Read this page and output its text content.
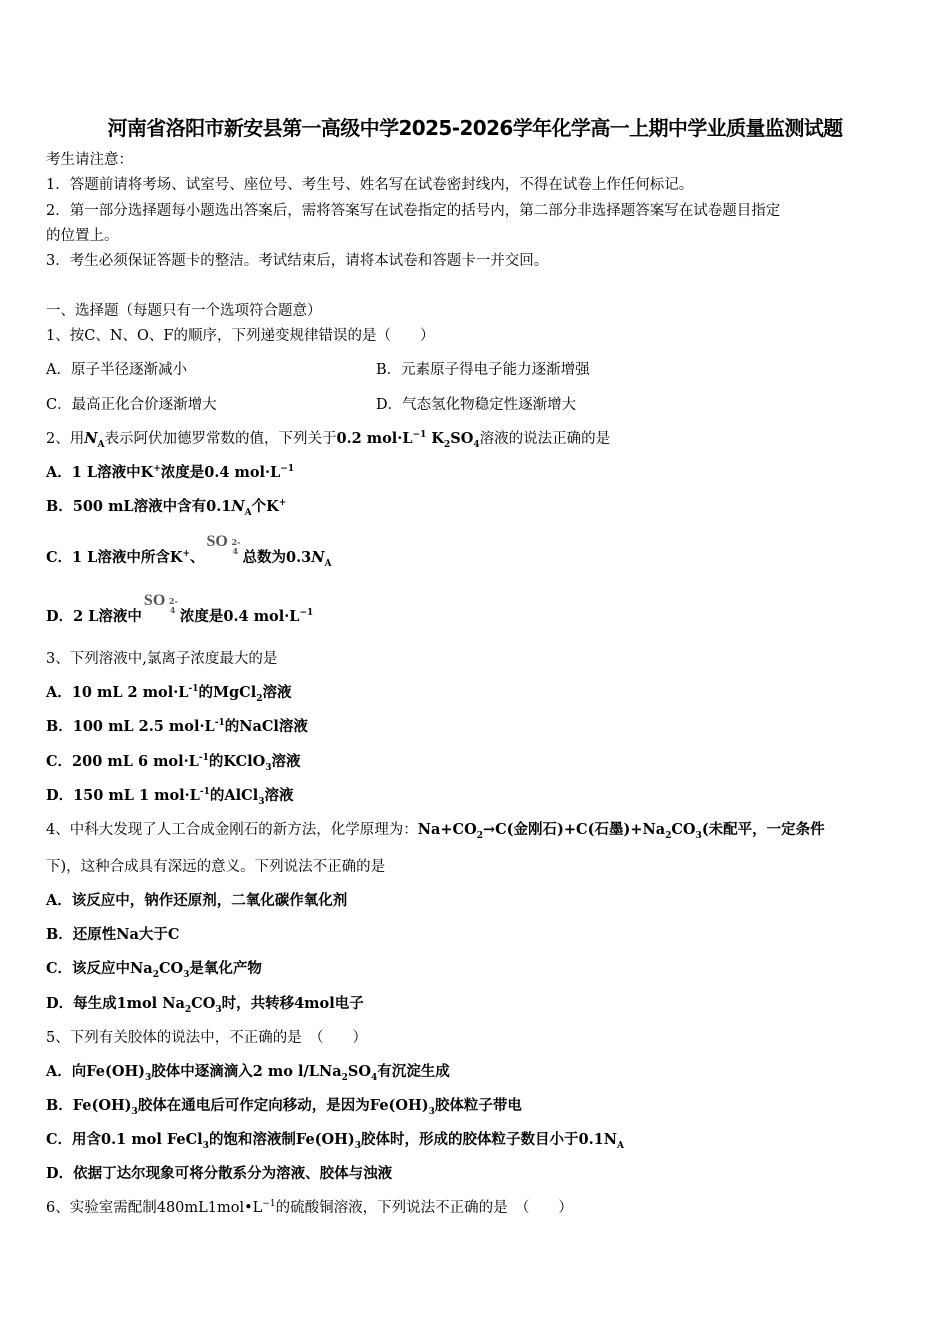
河南省洛阳市新安县第一高级中学2025-2026学年化学高一上期中学业质量监测试题
考生请注意：
1．答题前请将考场、试室号、座位号、考生号、姓名写在试卷密封线内，不得在试卷上作任何标记。
2．第一部分选择题每小题选出答案后，需将答案写在试卷指定的括号内，第二部分非选择题答案写在试卷题目指定
的位置上。
3．考生必须保证答题卡的整洁。考试结束后，请将本试卷和答题卡一并交回。
一、选择题（每题只有一个选项符合题意）
1、按C、N、O、F的顺序，下列递变规律错误的是（　　）
A．原子半径逐渐减小	B．元素原子得电子能力逐渐增强
C．最高正化合价逐渐增大	D．气态氢化物稳定性逐渐增大
2、用$N_A$表示阿伏加德罗常数的值，下列关于0.2 $mol\cdot L^{-1}$ $K_2SO_4$溶液的说法正确的是
A．1 L溶液中K+浓度是0.4 $mol\cdot L^{-1}$
B．500 mL溶液中含有$0.1N_A$个K+
C．1 L溶液中所含K+、
SO 2-
4 总数为$0.3N_A$
D．2 L溶液中
SO 2-
4 浓度是0.4 $mol\cdot L^{-1}$
3、下列溶液中,氯离子浓度最大的是
A．10 mL 2 $mol\cdot L^{-1}$的MgCl$_2$溶液
B．100 mL 2.5 $mol\cdot L^{-1}$的NaCl溶液
C．200 mL 6 $mol\cdot L^{-1}$的KClO$_3$溶液
D．150 mL 1 $mol\cdot L^{-1}$的AlCl$_3$溶液
4、中科大发现了人工合成金刚石的新方法，化学原理为：$Na+CO_2\to C$(金刚石)+C(石墨)$+Na_2CO_3$(未配平，一定条件
下)，这种合成具有深远的意义。下列说法不正确的是
A．该反应中，钠作还原剂，二氧化碳作氧化剂
B．还原性Na大于C
C．该反应中$Na_2CO_3$是氧化产物
D．每生成1mol $Na_2CO_3$时，共转移4mol电子
5、下列有关胶体的说法中，不正确的是　（　　）
A．向$Fe(OH)_3$胶体中逐滴滴入2 mo $l/LNa_2SO_4$有沉淀生成
B．$Fe(OH)_3$胶体在通电后可作定向移动，是因为$Fe(OH)_3$胶体粒子带电
C．用含0.1 mol FeCl$_3$的饱和溶液制$Fe(OH)_3$胶体时，形成的胶体粒子数目小于$0.1N_A$
D．依据丁达尔现象可将分散系分为溶液、胶体与浊液
6、实验室需配制$480mL1mol•L^{-1}$的硫酸铜溶液，下列说法不正确的是　（　　）
